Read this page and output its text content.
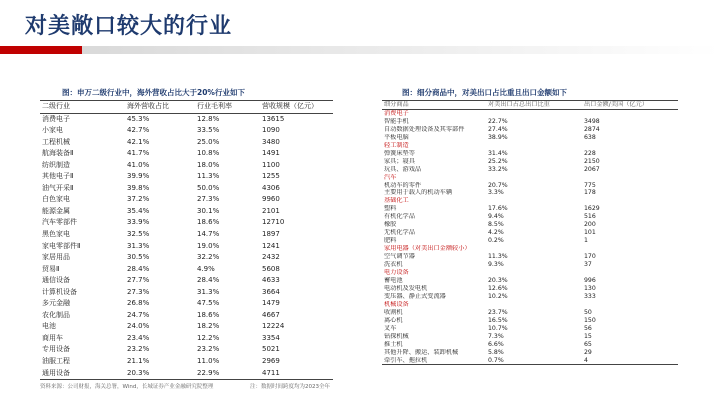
对美敞口较大的行业
图：申万二级行业中，海外营收占比大于20%行业如下
二级行业	海外营收占比	行业毛利率	营收规模（亿元）
消费电子	45.3%	12.8%	13615
小家电	42.7%	33.5%	1090
工程机械	42.1%	25.0%	3480
航海装备Ⅱ	41.7%	10.8%	1491
纺织制造	41.0%	18.0%	1100
其他电子Ⅱ	39.9%	11.3%	1255
油气开采Ⅱ	39.8%	50.0%	4306
白色家电	37.2%	27.3%	9960
能源金属	35.4%	30.1%	2101
汽车零部件	33.9%	18.6%	12710
黑色家电	32.5%	14.7%	1897
家电零部件Ⅱ	31.3%	19.0%	1241
家居用品	30.5%	32.2%	2432
贸易Ⅱ	28.4%	4.9%	5608
通信设备	27.7%	28.4%	4633
计算机设备	27.3%	31.3%	3664
多元金融	26.8%	47.5%	1479
农化制品	24.7%	18.6%	4667
电池	24.0%	18.2%	12224
商用车	23.4%	12.2%	3354
专用设备	23.2%	23.2%	5021
油服工程	21.1%	11.0%	2969
通用设备	20.3%	22.9%	4711
图：细分商品中，对美出口占比重且出口金额如下
细分商品	对美出口占总出口比重	出口金额/美国（亿元）
消费电子		
智能手机	22.7%	3498
自动数据处理设备及其零部件	27.4%	2874
平板电脑	38.9%	638
轻工制造		
弹簧床垫等	31.4%	228
家具；寝具	25.2%	2150
玩具、游戏品	33.2%	2067
汽车		
机动车的零件	20.7%	775
主要用于载人的机动车辆	3.3%	178
基础化工		
塑料	17.6%	1629
有机化学品	9.4%	516
橡胶	8.5%	200
无机化学品	4.2%	101
肥料	0.2%	1
家用电器（对美出口金额较小）		
空气调节器	11.3%	170
洗衣机	9.3%	37
电力设备		
蓄电池	20.3%	996
电动机及发电机	12.6%	130
变压器、静止式变流器	10.2%	333
机械设备		
收割机	23.7%	50
离心机	16.5%	150
叉车	10.7%	56
钻探机械	7.3%	15
推土机	6.6%	65
其他升降、搬运、装卸机械	5.8%	29
牵引车、拖拉机	0.7%	4
资料来源：公司财报，海关总署，Wind，长城证券产业金融研究院整理	注：数据时间跨度均为2023全年
